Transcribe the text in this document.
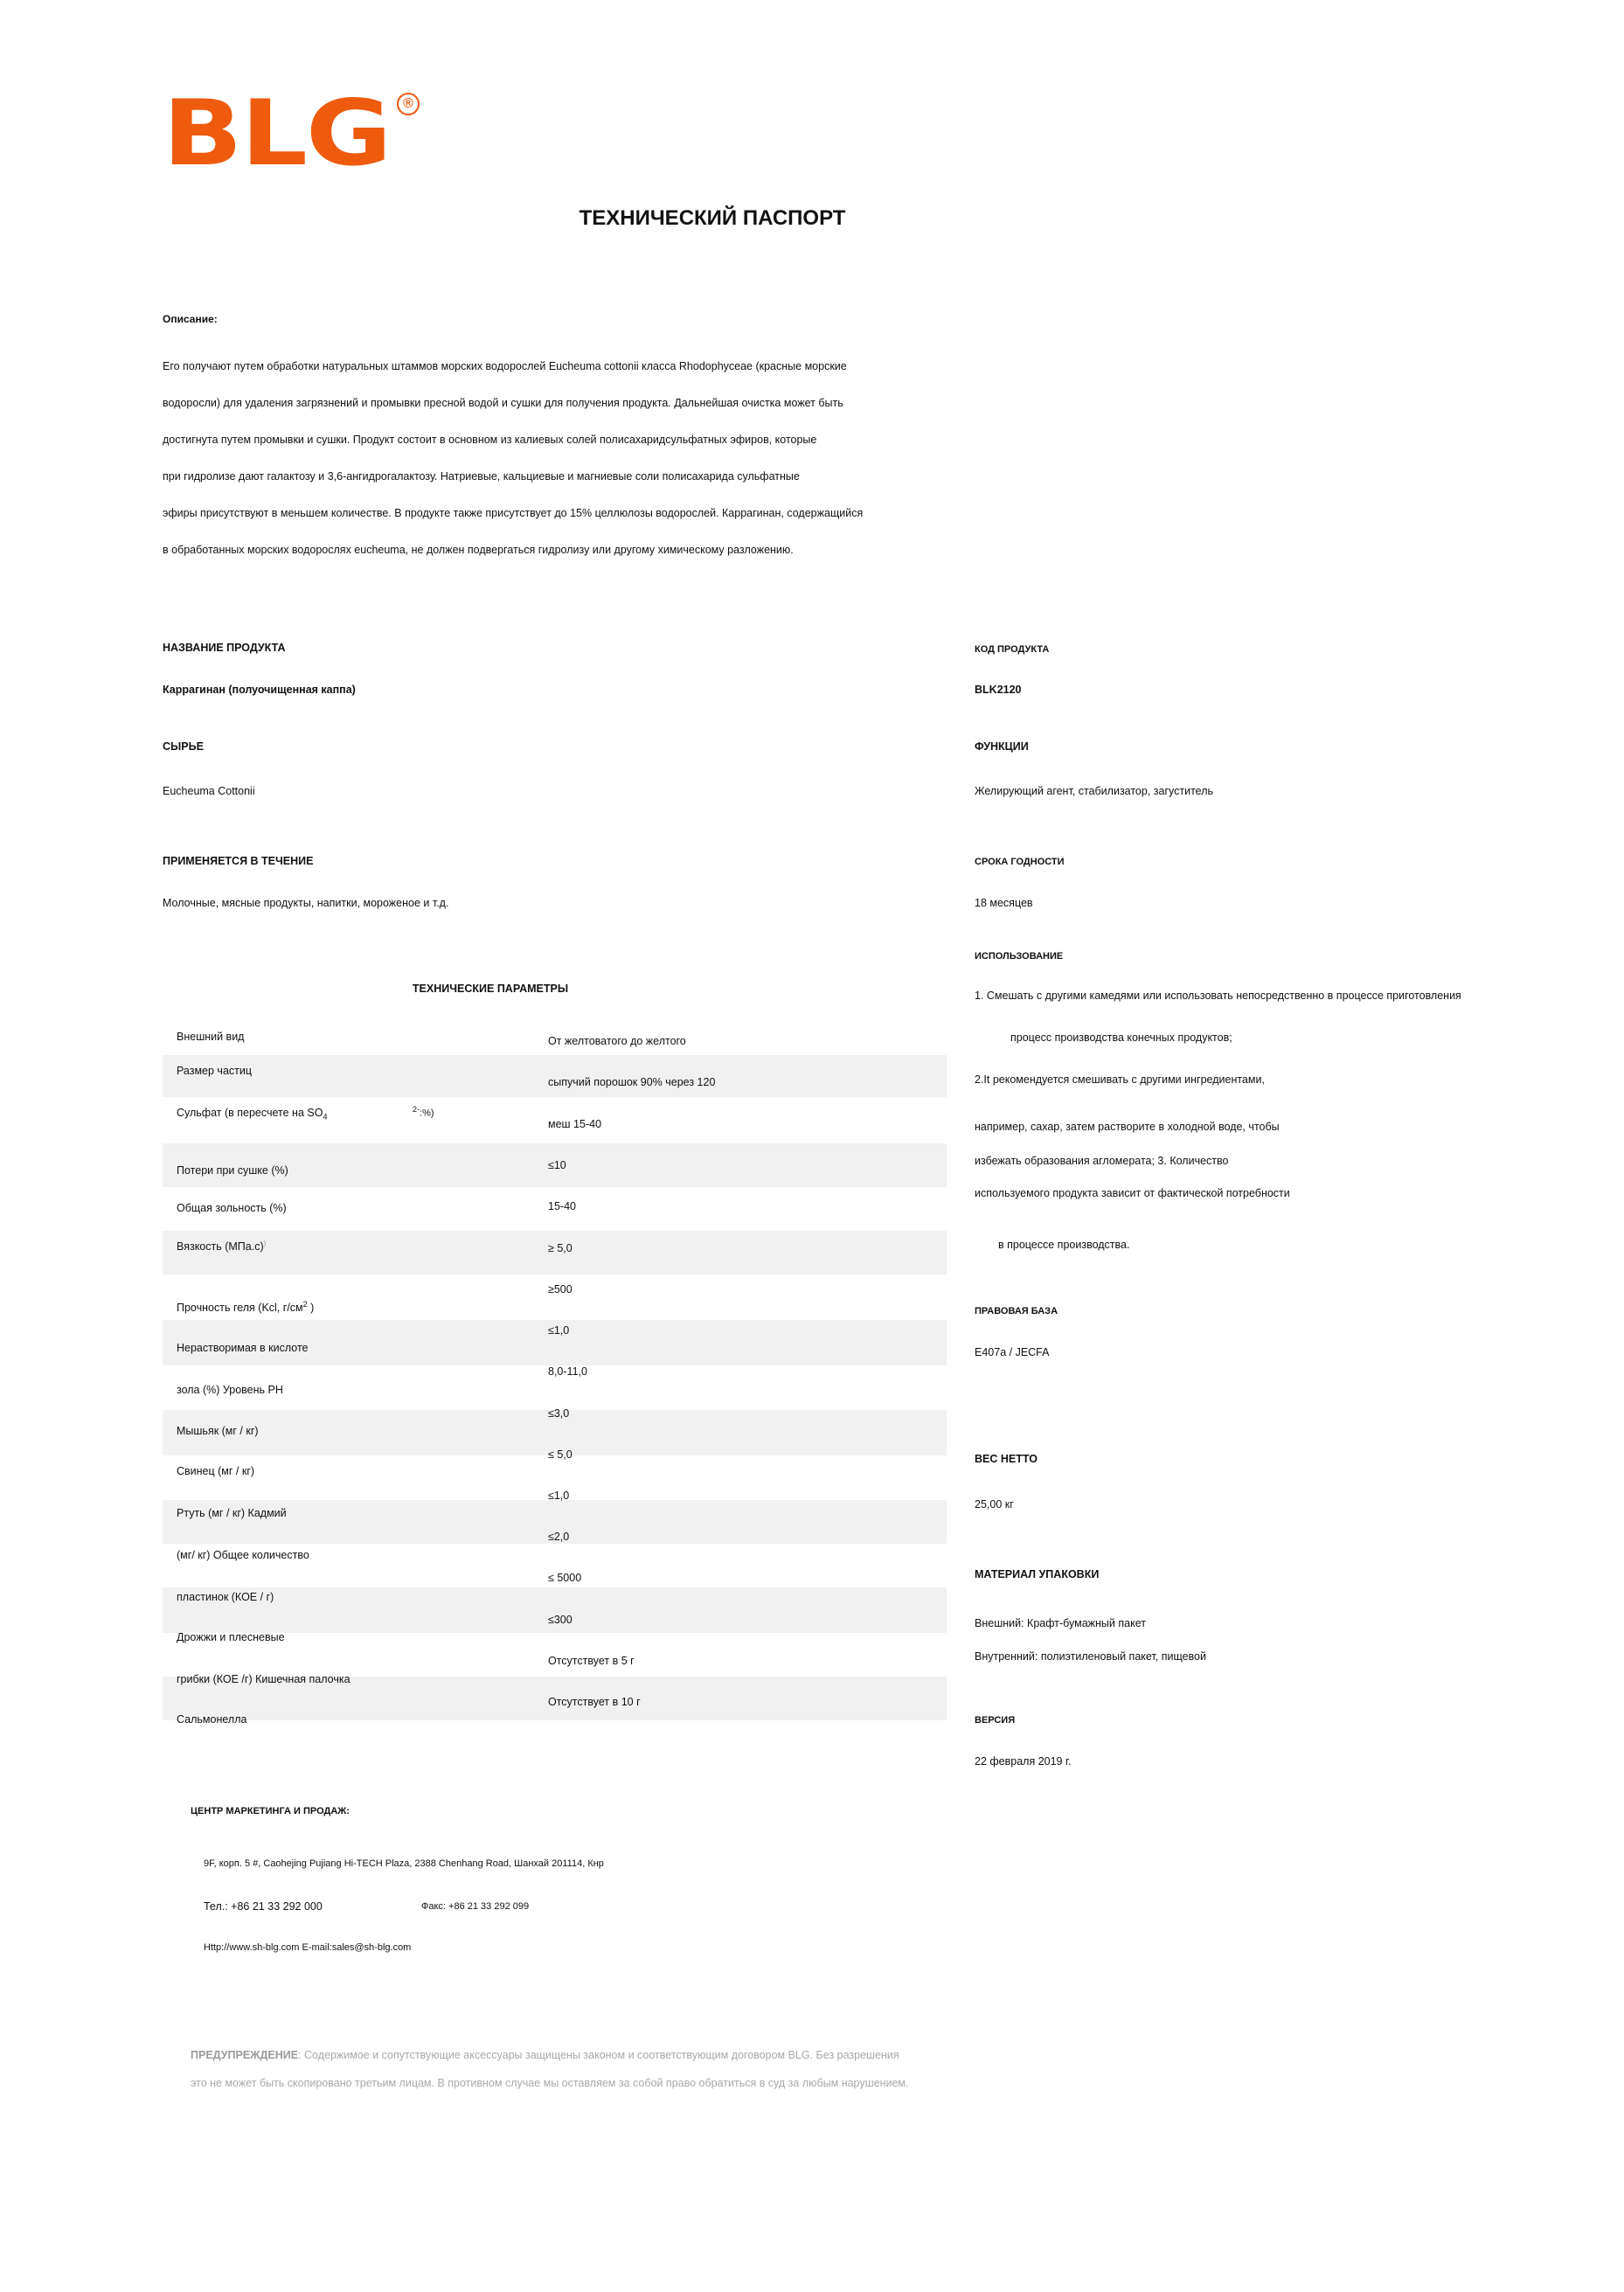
BLG ®
ТЕХНИЧЕСКИЙ ПАСПОРТ
Описание:
Его получают путем обработки натуральных штаммов морских водорослей Eucheuma cottonii класса Rhodophyceae (красные морские
водоросли) для удаления загрязнений и промывки пресной водой и сушки для получения продукта. Дальнейшая очистка может быть
достигнута путем промывки и сушки. Продукт состоит в основном из калиевых солей полисахаридсульфатных эфиров, которые
при гидролизе дают галактозу и 3,6-ангидрогалактозу. Натриевые, кальциевые и магниевые соли полисахарида сульфатные
эфиры присутствуют в меньшем количестве. В продукте также присутствует до 15% целлюлозы водорослей. Каррагинан, содержащийся
в обработанных морских водорослях eucheuma, не должен подвергаться гидролизу или другому химическому разложению.
НАЗВАНИЕ ПРОДУКТА
Каррагинан (полуочищенная каппа)
СЫРЬЕ
Eucheuma Cottonii
ПРИМЕНЯЕТСЯ В ТЕЧЕНИЕ
Молочные, мясные продукты, напитки, мороженое и т.д.
ТЕХНИЧЕСКИЕ ПАРАМЕТРЫ
Внешний вид
Размер частиц
Сульфат (в пересчете на $SO_4$
$^{2-}$:%)
Потери при сушке (%)
Общая зольность (%)
Вязкость (МПа.с))
Прочность геля (Kcl, $г/см^2$ )
Нерастворимая в кислоте
зола (%) Уровень PH
Мышьяк (мг / кг)
Свинец (мг / кг)
Ртуть (мг / кг) Кадмий
(мг/ кг) Общее количество
пластинок (КОЕ / г)
Дрожжи и плесневые
грибки (КОЕ /г) Кишечная палочка
Сальмонелла
От желтоватого до желтого
сыпучий порошок 90% через 120
меш 15-40
≤10
15-40
≥ 5,0
≥500
≤1,0
8,0-11,0
≤3,0
≤ 5,0
≤1,0
≤2,0
≤ 5000
≤300
Отсутствует в 5 г
Отсутствует в 10 г
КОД ПРОДУКТА
BLK2120
ФУНКЦИИ
Желирующий агент, стабилизатор, загуститель
СРОКА ГОДНОСТИ
18 месяцев
ИСПОЛЬЗОВАНИЕ
1. Смешать с другими камедями или использовать непосредственно в процессе приготовления
процесс производства конечных продуктов;
2.It рекомендуется смешивать с другими ингредиентами,
например, сахар, затем растворите в холодной воде, чтобы
избежать образования агломерата; 3. Количество
используемого продукта зависит от фактической потребности
в процессе производства.
ПРАВОВАЯ БАЗА
E407a / JECFA
ВЕС НЕТТО
25,00 кг
МАТЕРИАЛ УПАКОВКИ
Внешний: Крафт-бумажный пакет
Внутренний: полиэтиленовый пакет, пищевой
ВЕРСИЯ
22 февраля 2019 г.
ЦЕНТР МАРКЕТИНГА И ПРОДАЖ:
9F, корп. 5 #, Caohejing Pujiang Hi-TECH Plaza, 2388 Chenhang Road, Шанхай 201114, Кнр
Тел.: +86 21 33 292 000	Факс: +86 21 33 292 099
Http://www.sh-blg.com E-mail:sales@sh-blg.com
ПРЕДУПРЕЖДЕНИЕ: Содержимое и сопутствующие аксессуары защищены законом и соответствующим договором BLG. Без разрешения
это не может быть скопировано третьим лицам. В противном случае мы оставляем за собой право обратиться в суд за любым нарушением.
